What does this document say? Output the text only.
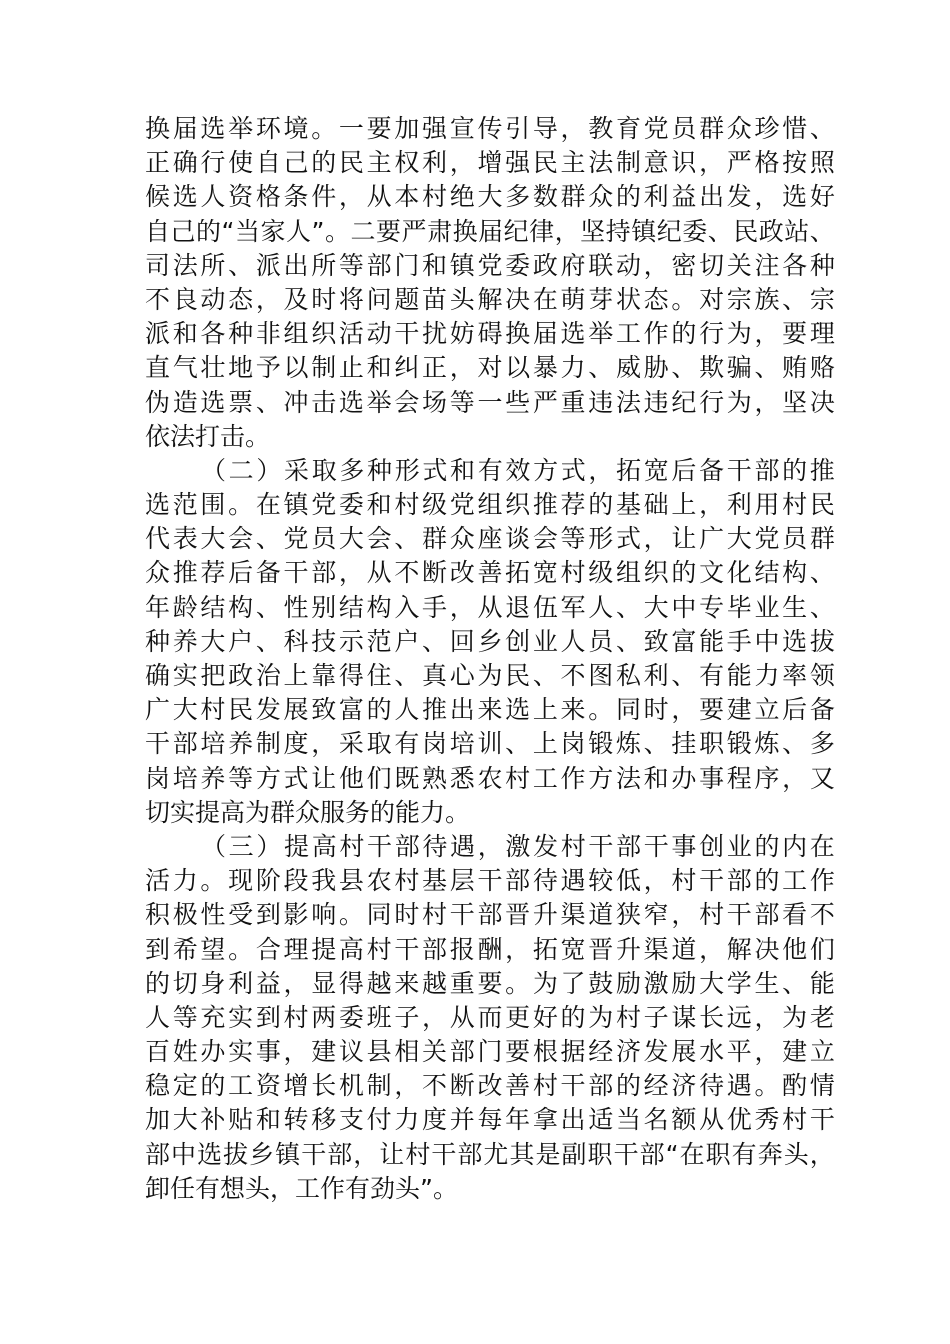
换 届 选 举 环 境 。 一 要 加 强 宣 传 引 导 ， 教 育 党 员 群 众 珍 惜 、
正 确 行 使 自 己 的 民 主 权 利 ， 增 强 民 主 法 制 意 识 ， 严 格 按 照
候 选 人 资 格 条 件 ， 从 本 村 绝 大 多 数 群 众 的 利 益 出 发 ， 选 好
自 己 的 “ 当 家 人 ” 。 二 要 严 肃 换 届 纪 律 ， 坚 持 镇 纪 委 、 民 政 站 、
司 法 所 、 派 出 所 等 部 门 和 镇 党 委 政 府 联 动 ， 密 切 关 注 各 种
不 良 动 态 ， 及 时 将 问 题 苗 头 解 决 在 萌 芽 状 态 。 对 宗 族 、 宗
派 和 各 种 非 组 织 活 动 干 扰 妨 碍 换 届 选 举 工 作 的 行 为 ， 要 理
直 气 壮 地 予 以 制 止 和 纠 正 ， 对 以 暴 力 、 威 胁 、 欺 骗 、 贿 赂
伪 造 选 票 、 冲 击 选 举 会 场 等 一 些 严 重 违 法 违 纪 行 为 ， 坚 决
依法打击。
（ 二 ） 采 取 多 种 形 式 和 有 效 方 式 ， 拓 宽 后 备 干 部 的 推
选 范 围 。 在 镇 党 委 和 村 级 党 组 织 推 荐 的 基 础 上 ， 利 用 村 民
代 表 大 会 、 党 员 大 会 、 群 众 座 谈 会 等 形 式 ， 让 广 大 党 员 群
众 推 荐 后 备 干 部 ， 从 不 断 改 善 拓 宽 村 级 组 织 的 文 化 结 构 、
年 龄 结 构 、 性 别 结 构 入 手 ， 从 退 伍 军 人 、 大 中 专 毕 业 生 、
种 养 大 户 、 科 技 示 范 户 、 回 乡 创 业 人 员 、 致 富 能 手 中 选 拔
确 实 把 政 治 上 靠 得 住 、 真 心 为 民 、 不 图 私 利 、 有 能 力 率 领
广 大 村 民 发 展 致 富 的 人 推 出 来 选 上 来 。 同 时 ， 要 建 立 后 备
干 部 培 养 制 度 ， 采 取 有 岗 培 训 、 上 岗 锻 炼 、 挂 职 锻 炼 、 多
岗 培 养 等 方 式 让 他 们 既 熟 悉 农 村 工 作 方 法 和 办 事 程 序 ， 又
切实提高为群众服务的能力。
（ 三 ） 提 高 村 干 部 待 遇 ， 激 发 村 干 部 干 事 创 业 的 内 在
活 力 。 现 阶 段 我 县 农 村 基 层 干 部 待 遇 较 低 ， 村 干 部 的 工 作
积 极 性 受 到 影 响 。 同 时 村 干 部 晋 升 渠 道 狭 窄 ， 村 干 部 看 不
到 希 望 。 合 理 提 高 村 干 部 报 酬 ， 拓 宽 晋 升 渠 道 ， 解 决 他 们
的 切 身 利 益 ， 显 得 越 来 越 重 要 。 为 了 鼓 励 激 励 大 学 生 、 能
人 等 充 实 到 村 两 委 班 子 ， 从 而 更 好 的 为 村 子 谋 长 远 ， 为 老
百 姓 办 实 事 ， 建 议 县 相 关 部 门 要 根 据 经 济 发 展 水 平 ， 建 立
稳 定 的 工 资 增 长 机 制 ， 不 断 改 善 村 干 部 的 经 济 待 遇 。 酌 情
加 大 补 贴 和 转 移 支 付 力 度 并 每 年 拿 出 适 当 名 额 从 优 秀 村 干
部 中 选 拔 乡 镇 干 部 ， 让 村 干 部 尤 其 是 副 职 干 部 “ 在 职 有 奔 头 ，
卸任有想头，工作有劲头”。
